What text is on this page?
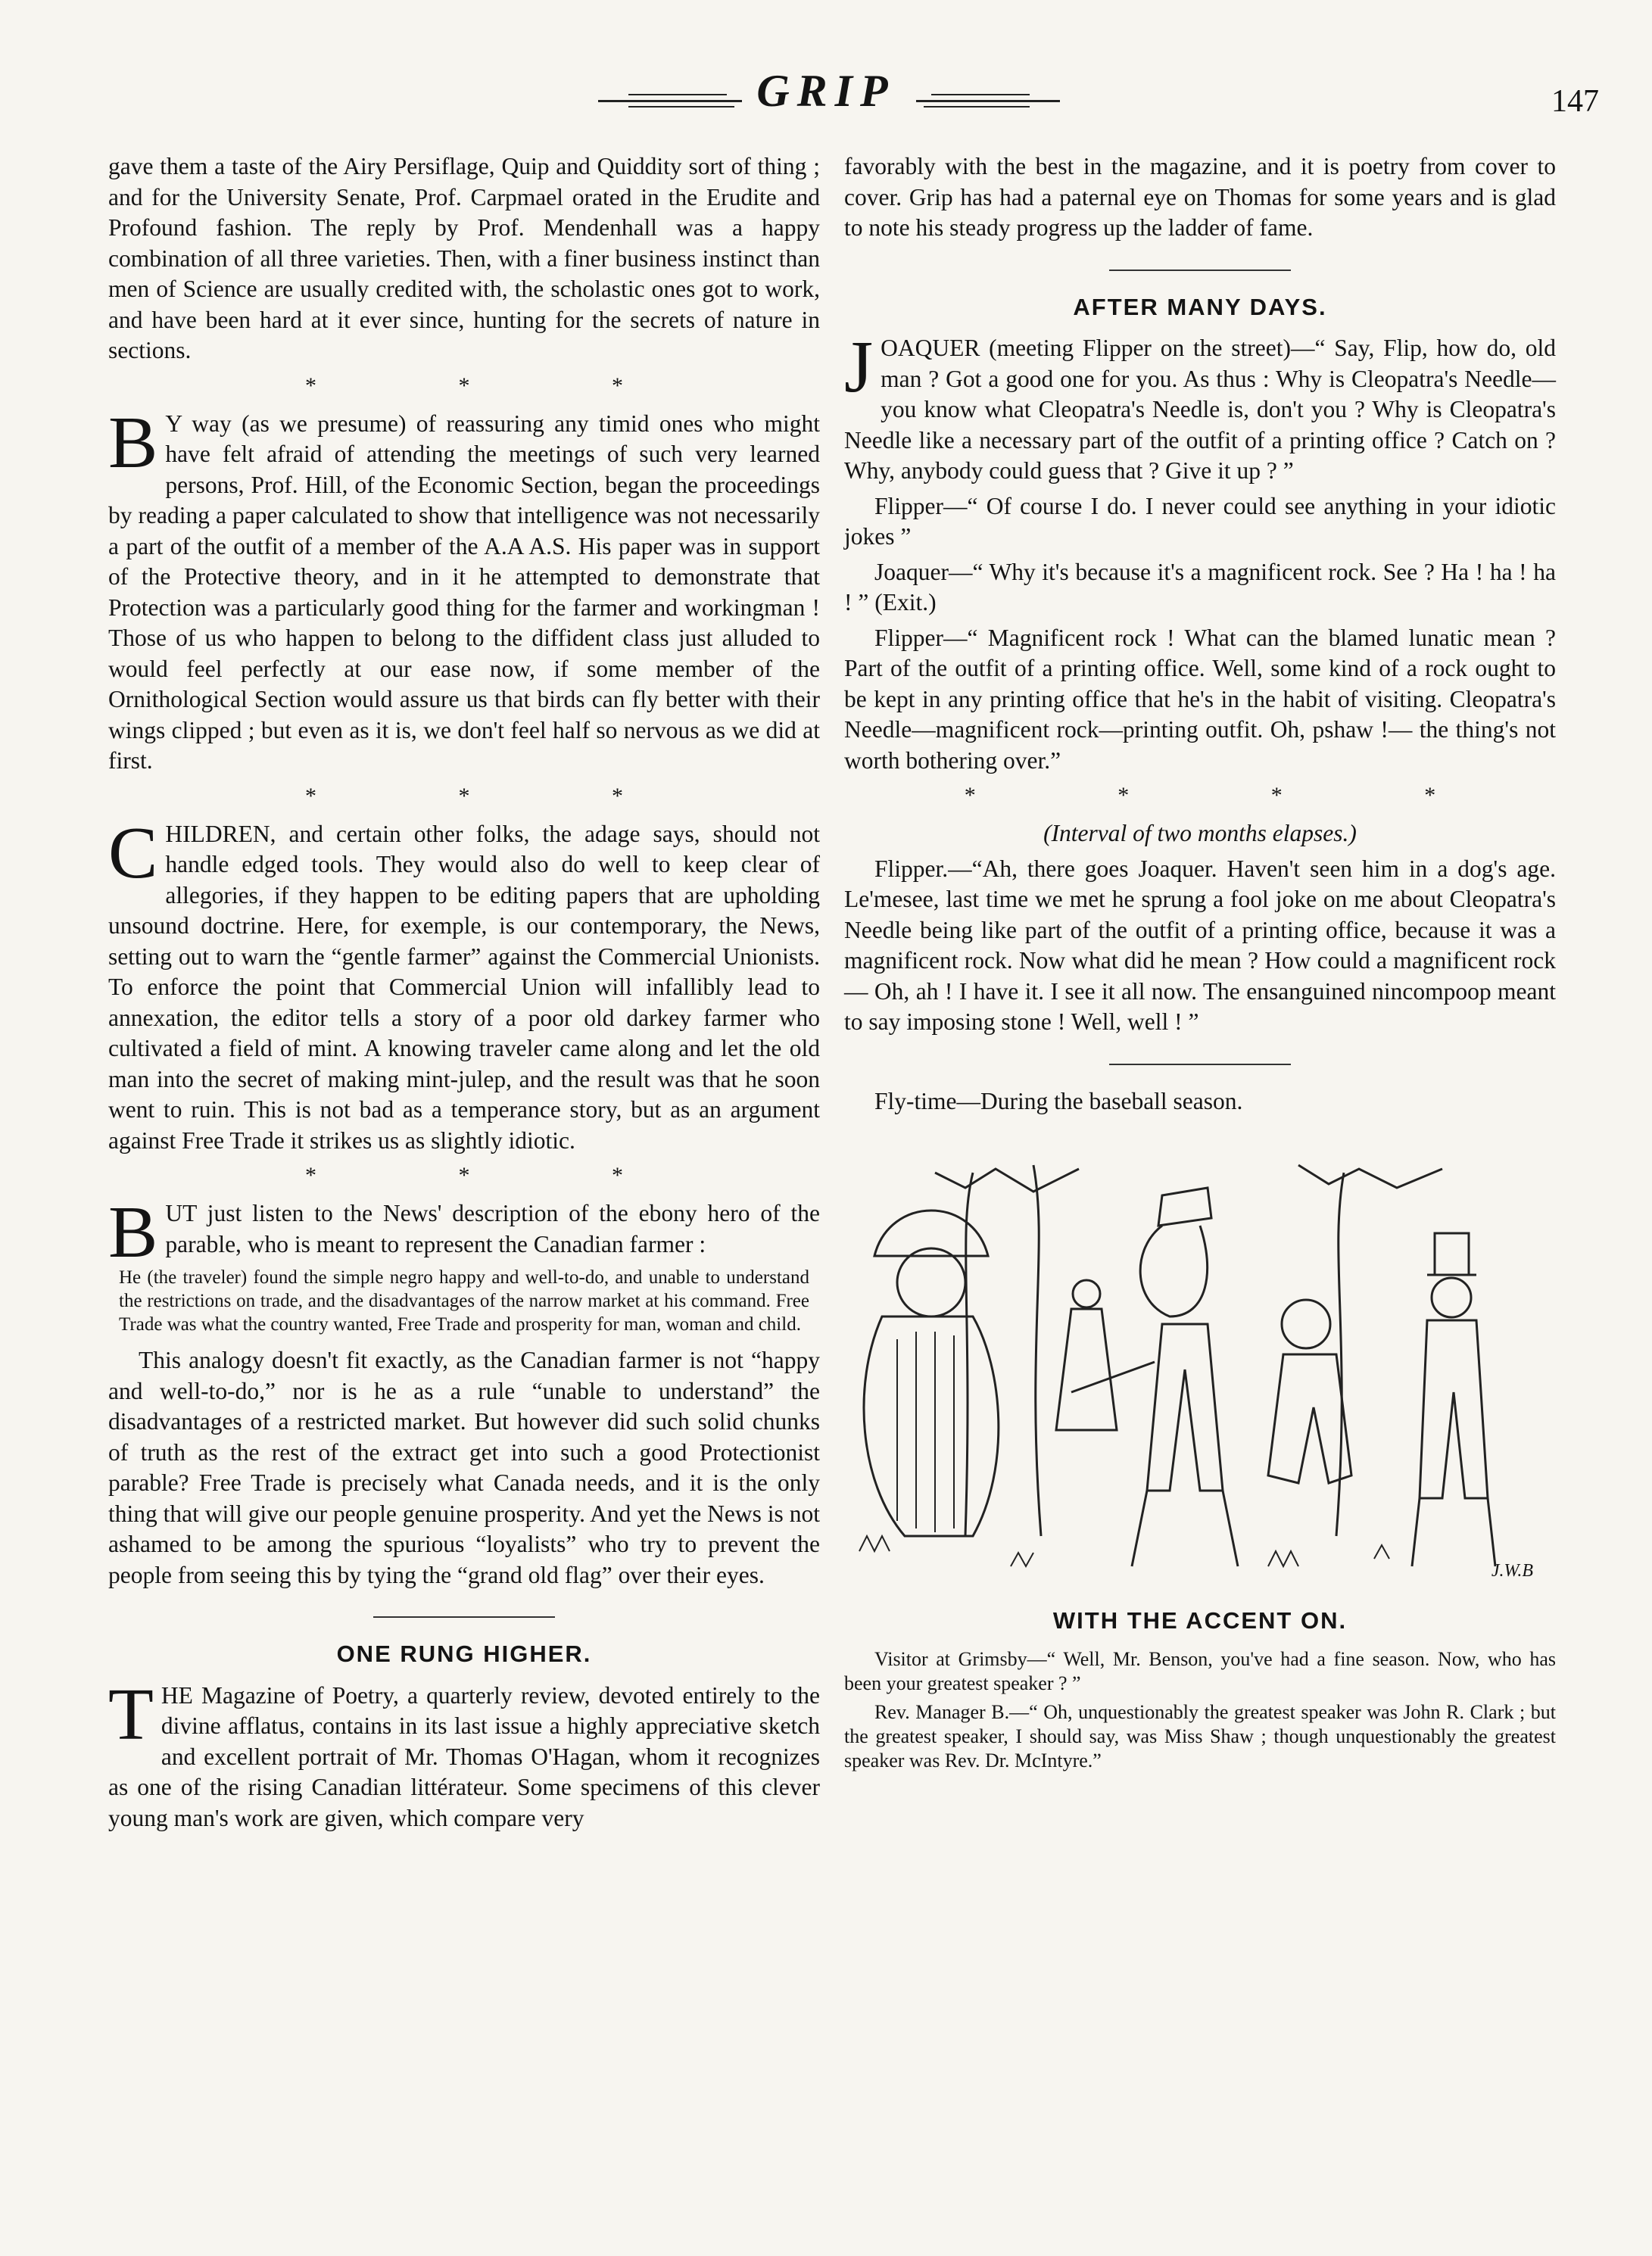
GRIP	147

gave them a taste of the Airy Persiflage, Quip and Quiddity sort of thing ; and for the University Senate, Prof. Carpmael orated in the Erudite and Profound fashion. The reply by Prof. Mendenhall was a happy combination of all three varieties. Then, with a finer business instinct than men of Science are usually credited with, the scholastic ones got to work, and have been hard at it ever since, hunting for the secrets of nature in sections.

* * *

BY way (as we presume) of reassuring any timid ones who might have felt afraid of attending the meetings of such very learned persons, Prof. Hill, of the Economic Section, began the proceedings by reading a paper calculated to show that intelligence was not necessarily a part of the outfit of a member of the A.A A.S. His paper was in support of the Protective theory, and in it he attempted to demonstrate that Protection was a particularly good thing for the farmer and workingman ! Those of us who happen to belong to the diffident class just alluded to would feel perfectly at our ease now, if some member of the Ornithological Section would assure us that birds can fly better with their wings clipped ; but even as it is, we don't feel half so nervous as we did at first.

* * *

CHILDREN, and certain other folks, the adage says, should not handle edged tools. They would also do well to keep clear of allegories, if they happen to be editing papers that are upholding unsound doctrine. Here, for exemple, is our contemporary, the News, setting out to warn the “gentle farmer” against the Commercial Unionists. To enforce the point that Commercial Union will infallibly lead to annexation, the editor tells a story of a poor old darkey farmer who cultivated a field of mint. A knowing traveler came along and let the old man into the secret of making mint-julep, and the result was that he soon went to ruin. This is not bad as a temperance story, but as an argument against Free Trade it strikes us as slightly idiotic.

* * *

BUT just listen to the News' description of the ebony hero of the parable, who is meant to represent the Canadian farmer :

He (the traveler) found the simple negro happy and well-to-do, and unable to understand the restrictions on trade, and the disadvantages of the narrow market at his command. Free Trade was what the country wanted, Free Trade and prosperity for man, woman and child.

This analogy doesn't fit exactly, as the Canadian farmer is not “happy and well-to-do,” nor is he as a rule “unable to understand” the disadvantages of a restricted market. But however did such solid chunks of truth as the rest of the extract get into such a good Protectionist parable? Free Trade is precisely what Canada needs, and it is the only thing that will give our people genuine prosperity. And yet the News is not ashamed to be among the spurious “loyalists” who try to prevent the people from seeing this by tying the “grand old flag” over their eyes.

ONE RUNG HIGHER.

THE Magazine of Poetry, a quarterly review, devoted entirely to the divine afflatus, contains in its last issue a highly appreciative sketch and excellent portrait of Mr. Thomas O'Hagan, whom it recognizes as one of the rising Canadian littérateur. Some specimens of this clever young man's work are given, which compare very

favorably with the best in the magazine, and it is poetry from cover to cover. Grip has had a paternal eye on Thomas for some years and is glad to note his steady progress up the ladder of fame.

AFTER MANY DAYS.

JOAQUER (meeting Flipper on the street)—“ Say, Flip, how do, old man ? Got a good one for you. As thus : Why is Cleopatra's Needle—you know what Cleopatra's Needle is, don't you ? Why is Cleopatra's Needle like a necessary part of the outfit of a printing office ? Catch on ? Why, anybody could guess that ? Give it up ? ”

Flipper—“ Of course I do. I never could see anything in your idiotic jokes ”

Joaquer—“ Why it's because it's a magnificent rock. See ? Ha ! ha ! ha ! ” (Exit.)

Flipper—“ Magnificent rock ! What can the blamed lunatic mean ? Part of the outfit of a printing office. Well, some kind of a rock ought to be kept in any printing office that he's in the habit of visiting. Cleopatra's Needle—magnificent rock—printing outfit. Oh, pshaw !— the thing's not worth bothering over.”

* * * *

(Interval of two months elapses.)

Flipper.—“Ah, there goes Joaquer. Haven't seen him in a dog's age. Le'mesee, last time we met he sprung a fool joke on me about Cleopatra's Needle being like part of the outfit of a printing office, because it was a magnificent rock. Now what did he mean ? How could a magnificent rock— Oh, ah ! I have it. I see it all now. The ensanguined nincompoop meant to say imposing stone ! Well, well ! ”

Fly-time—During the baseball season.

J.W.B
WITH THE ACCENT ON.

Visitor at Grimsby—“ Well, Mr. Benson, you've had a fine season. Now, who has been your greatest speaker ? ”

Rev. Manager B.—“ Oh, unquestionably the greatest speaker was John R. Clark ; but the greatest speaker, I should say, was Miss Shaw ; though unquestionably the greatest speaker was Rev. Dr. McIntyre.”
